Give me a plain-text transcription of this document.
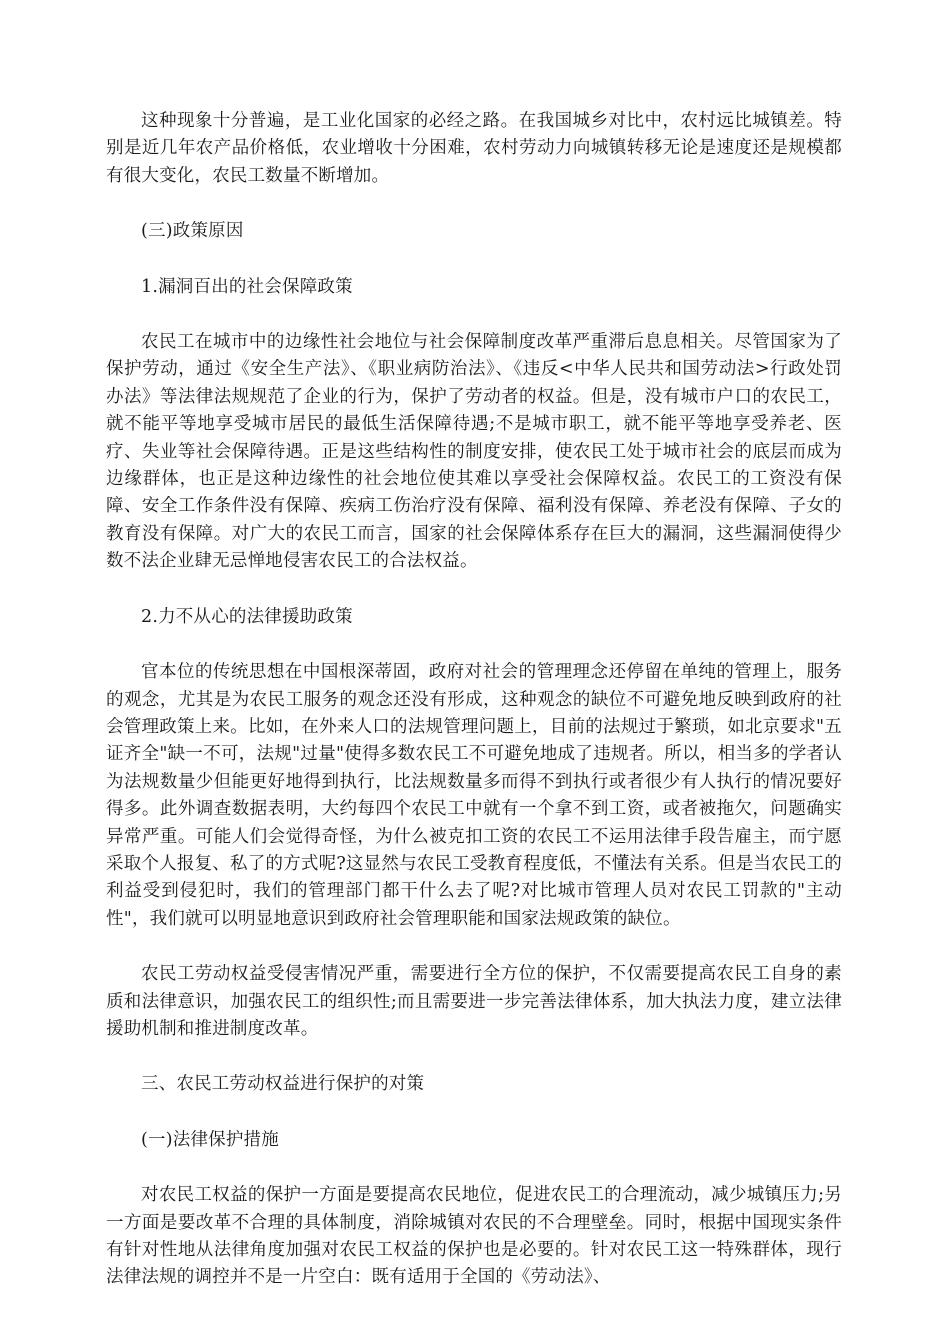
这种现象十分普遍，是工业化国家的必经之路。在我国城乡对比中，农村远比城镇差。特别是近几年农产品价格低，农业增收十分困难，农村劳动力向城镇转移无论是速度还是规模都有很大变化，农民工数量不断增加。

(三)政策原因

1.漏洞百出的社会保障政策

农民工在城市中的边缘性社会地位与社会保障制度改革严重滞后息息相关。尽管国家为了保护劳动，通过《安全生产法》、《职业病防治法》、《违反<中华人民共和国劳动法>行政处罚办法》等法律法规规范了企业的行为，保护了劳动者的权益。但是，没有城市户口的农民工，就不能平等地享受城市居民的最低生活保障待遇;不是城市职工，就不能平等地享受养老、医疗、失业等社会保障待遇。正是这些结构性的制度安排，使农民工处于城市社会的底层而成为边缘群体，也正是这种边缘性的社会地位使其难以享受社会保障权益。农民工的工资没有保障、安全工作条件没有保障、疾病工伤治疗没有保障、福利没有保障、养老没有保障、子女的教育没有保障。对广大的农民工而言，国家的社会保障体系存在巨大的漏洞，这些漏洞使得少数不法企业肆无忌惮地侵害农民工的合法权益。

2.力不从心的法律援助政策

官本位的传统思想在中国根深蒂固，政府对社会的管理理念还停留在单纯的管理上，服务的观念，尤其是为农民工服务的观念还没有形成，这种观念的缺位不可避免地反映到政府的社会管理政策上来。比如，在外来人口的法规管理问题上，目前的法规过于繁琐，如北京要求"五证齐全"缺一不可，法规"过量"使得多数农民工不可避免地成了违规者。所以，相当多的学者认为法规数量少但能更好地得到执行，比法规数量多而得不到执行或者很少有人执行的情况要好得多。此外调查数据表明，大约每四个农民工中就有一个拿不到工资，或者被拖欠，问题确实异常严重。可能人们会觉得奇怪，为什么被克扣工资的农民工不运用法律手段告雇主，而宁愿采取个人报复、私了的方式呢?这显然与农民工受教育程度低，不懂法有关系。但是当农民工的利益受到侵犯时，我们的管理部门都干什么去了呢?对比城市管理人员对农民工罚款的"主动性"，我们就可以明显地意识到政府社会管理职能和国家法规政策的缺位。

农民工劳动权益受侵害情况严重，需要进行全方位的保护，不仅需要提高农民工自身的素质和法律意识，加强农民工的组织性;而且需要进一步完善法律体系，加大执法力度，建立法律援助机制和推进制度改革。

三、农民工劳动权益进行保护的对策

(一)法律保护措施

对农民工权益的保护一方面是要提高农民地位，促进农民工的合理流动，减少城镇压力;另一方面是要改革不合理的具体制度，消除城镇对农民的不合理壁垒。同时，根据中国现实条件有针对性地从法律角度加强对农民工权益的保护也是必要的。针对农民工这一特殊群体，现行法律法规的调控并不是一片空白：既有适用于全国的《劳动法》、
